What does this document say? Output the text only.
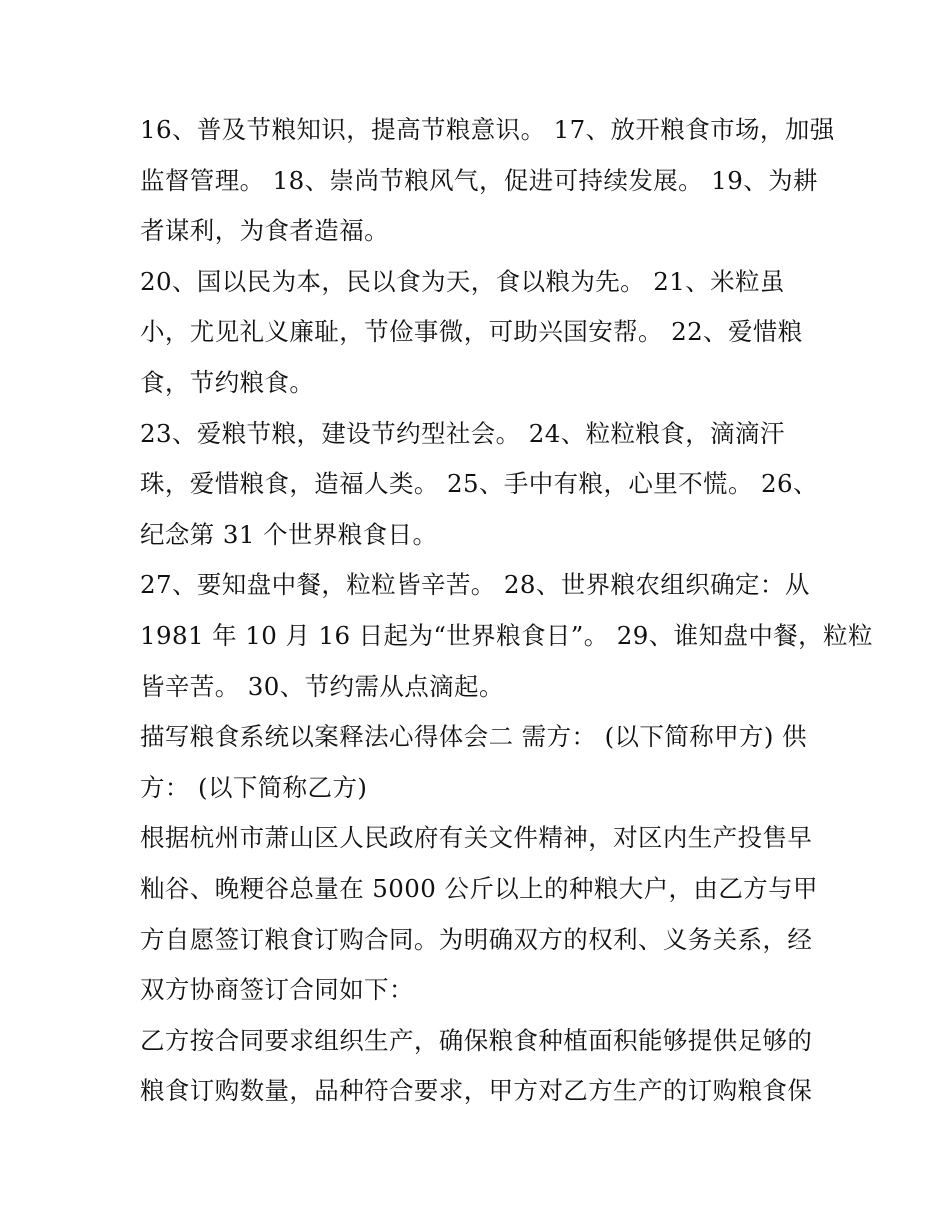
16、普及节粮知识，提高节粮意识。 17、放开粮食市场，加强
监督管理。 18、崇尚节粮风气，促进可持续发展。 19、为耕
者谋利，为食者造福。
20、国以民为本，民以食为天，食以粮为先。 21、米粒虽
小，尤见礼义廉耻，节俭事微，可助兴国安帮。 22、爱惜粮
食，节约粮食。
23、爱粮节粮，建设节约型社会。 24、粒粒粮食，滴滴汗
珠，爱惜粮食，造福人类。 25、手中有粮，心里不慌。 26、
纪念第 31 个世界粮食日。
27、要知盘中餐，粒粒皆辛苦。 28、世界粮农组织确定：从
1981 年 10 月 16 日起为“世界粮食日”。 29、谁知盘中餐，粒粒
皆辛苦。 30、节约需从点滴起。
描写粮食系统以案释法心得体会二 需方： (以下简称甲方) 供
方： (以下简称乙方)
根据杭州市萧山区人民政府有关文件精神，对区内生产投售早
籼谷、晚粳谷总量在 5000 公斤以上的种粮大户，由乙方与甲
方自愿签订粮食订购合同。为明确双方的权利、义务关系，经
双方协商签订合同如下：
乙方按合同要求组织生产，确保粮食种植面积能够提供足够的
粮食订购数量，品种符合要求，甲方对乙方生产的订购粮食保
